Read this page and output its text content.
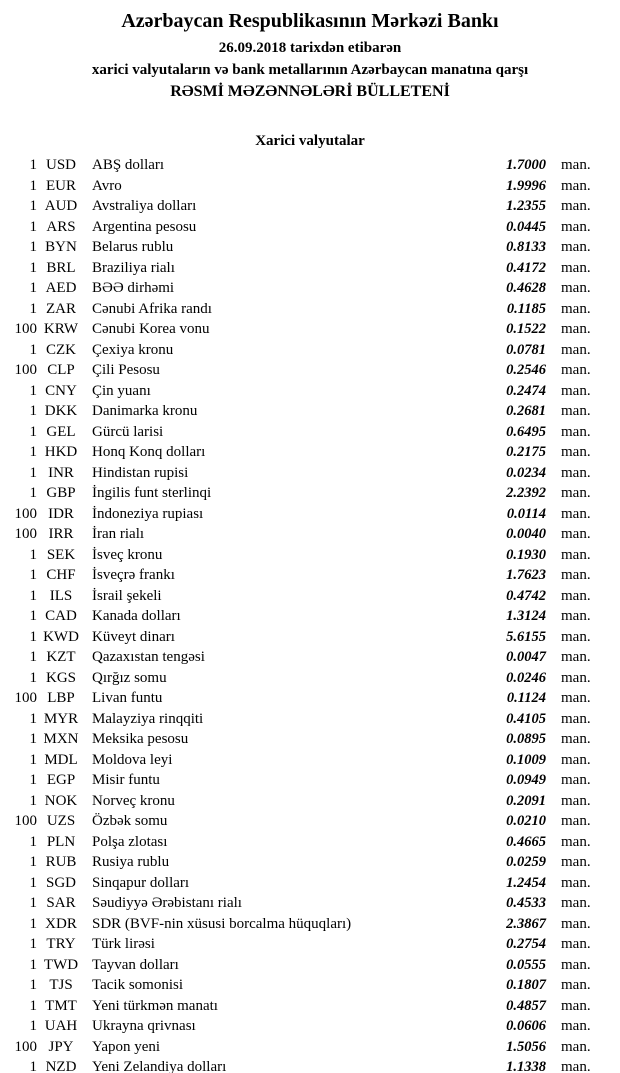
Azərbaycan Respublikasının Mərkəzi Bankı
26.09.2018 tarixdən etibarən
xarici valyutaların və bank metallarının Azərbaycan manatına qarşı
RƏSMİ MƏZƏNNƏLƏRİ BÜLLETENİ
Xarici valyutalar
1 USD	ABŞ dolları	1.7000	man.
1 EUR	Avro	1.9996	man.
1 AUD Avstraliya dolları	1.2355	man.
1 ARS	Argentina pesosu	0.0445	man.
1 BYN	Belarus rublu	0.8133	man.
1 BRL	Braziliya rialı	0.4172	man.
1 AED	BƏƏ dirhəmi	0.4628	man.
1 ZAR	Cənubi Afrika randı	0.1185	man.
100 KRW Cənubi Korea vonu	0.1522	man.
1 CZK	Çexiya kronu	0.0781	man.
100 CLP	Çili Pesosu	0.2546	man.
1 CNY	Çin yuanı	0.2474	man.
1 DKK Danimarka kronu	0.2681	man.
1 GEL	Gürcü larisi	0.6495	man.
1 HKD Honq Konq dolları	0.2175	man.
1 INR	Hindistan rupisi	0.0234	man.
1 GBP	İngilis funt sterlinqi	2.2392	man.
100 IDR	İndoneziya rupiası	0.0114	man.
100 IRR	İran rialı	0.0040	man.
1 SEK	İsveç kronu	0.1930	man.
1 CHF	İsveçrə frankı	1.7623	man.
1 ILS	İsrail şekeli	0.4742	man.
1 CAD	Kanada dolları	1.3124	man.
1 KWD Küveyt dinarı	5.6155	man.
1 KZT	Qazaxıstan tengəsi	0.0047	man.
1 KGS	Qırğız somu	0.0246	man.
100 LBP	Livan funtu	0.1124	man.
1 MYR Malayziya rinqqiti	0.4105	man.
1 MXN Meksika pesosu	0.0895	man.
1 MDL Moldova leyi	0.1009	man.
1 EGP	Misir funtu	0.0949	man.
1 NOK Norveç kronu	0.2091	man.
100 UZS	Özbək somu	0.0210	man.
1 PLN	Polşa zlotası	0.4665	man.
1 RUB	Rusiya rublu	0.0259	man.
1 SGD	Sinqapur dolları	1.2454	man.
1 SAR	Səudiyyə Ərəbistanı rialı	0.4533	man.
1 XDR	SDR (BVF-nin xüsusi borcalma hüquqları)	2.3867	man.
1 TRY	Türk lirəsi	0.2754	man.
1 TWD Tayvan dolları	0.0555	man.
1 TJS	Tacik somonisi	0.1807	man.
1 TMT	Yeni türkmən manatı	0.4857	man.
1 UAH Ukrayna qrivnası	0.0606	man.
100 JPY	Yapon yeni	1.5056	man.
1 NZD	Yeni Zelandiya dolları	1.1338	man.
